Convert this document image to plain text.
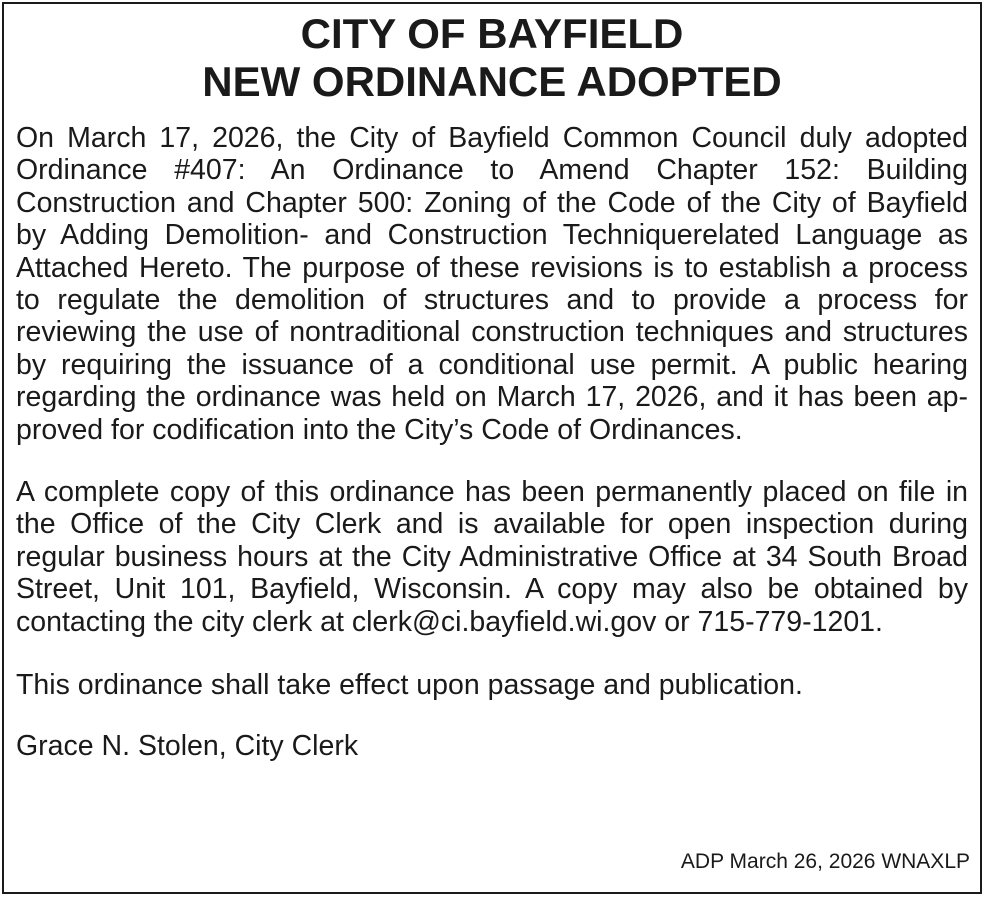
CITY OF BAYFIELD
NEW ORDINANCE ADOPTED

On March 17, 2026, the City of Bayfield Common Council duly adopted Ordinance #407: An Ordinance to Amend Chapter 152: Building Construction and Chapter 500: Zoning of the Code of the City of Bayfield by Adding Demolition- and Construction Techniquerelated Language as Attached Hereto. The purpose of these revisions is to establish a process to regulate the demolition of structures and to provide a process for reviewing the use of nontraditional construction techniques and structures by requiring the issuance of a conditional use permit. A public hearing regarding the ordinance was held on March 17, 2026, and it has been approved for codification into the City’s Code of Ordinances.

A complete copy of this ordinance has been permanently placed on file in the Office of the City Clerk and is available for open inspection during regular business hours at the City Administrative Office at 34 South Broad Street, Unit 101, Bayfield, Wisconsin. A copy may also be obtained by contacting the city clerk at clerk@ci.bayfield.wi.gov or 715-779-1201.

This ordinance shall take effect upon passage and publication.

Grace N. Stolen, City Clerk

ADP March 26, 2026 WNAXLP
